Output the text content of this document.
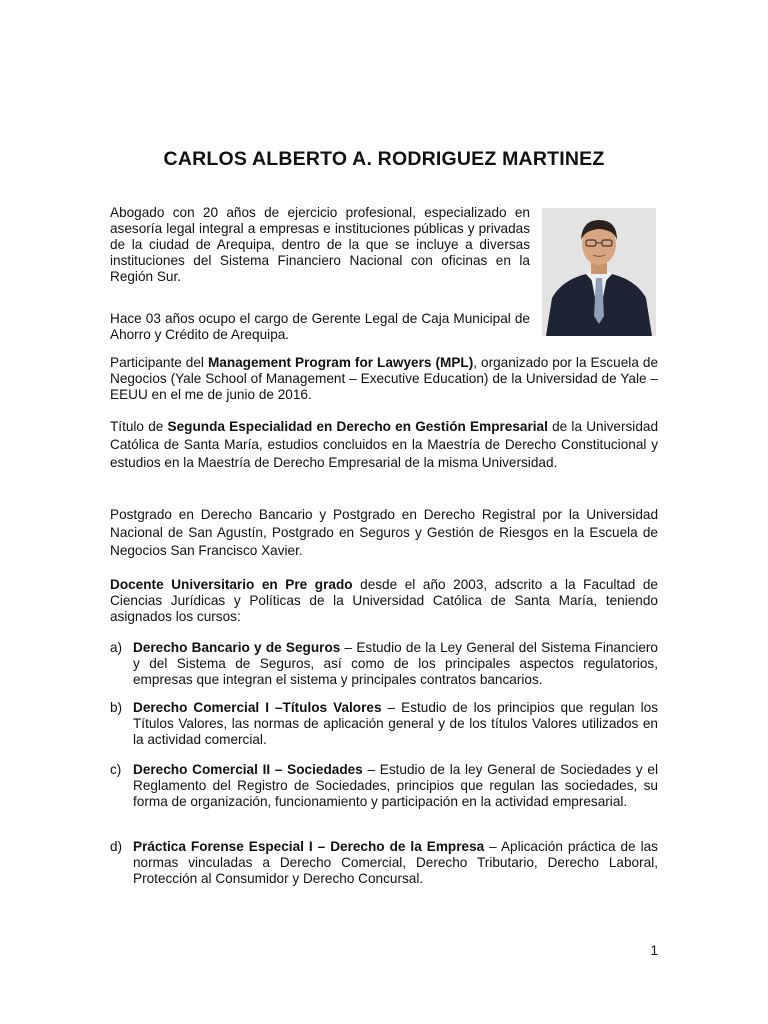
CARLOS ALBERTO A. RODRIGUEZ MARTINEZ

Abogado con 20 años de ejercicio profesional, especializado en asesoría legal integral a empresas e instituciones públicas y privadas de la ciudad de Arequipa, dentro de la que se incluye a diversas instituciones del Sistema Financiero Nacional con oficinas en la Región Sur.

Hace 03 años ocupo el cargo de Gerente Legal de Caja Municipal de Ahorro y Crédito de Arequipa.

Participante del Management Program for Lawyers (MPL), organizado por la Escuela de Negocios (Yale School of Management – Executive Education) de la Universidad de Yale – EEUU en el me de junio de 2016.

Título de Segunda Especialidad en Derecho en Gestión Empresarial de la Universidad Católica de Santa María, estudios concluidos en la Maestría de Derecho Constitucional y estudios en la Maestría de Derecho Empresarial de la misma Universidad.

Postgrado en Derecho Bancario y Postgrado en Derecho Registral por la Universidad Nacional de San Agustín, Postgrado en Seguros y Gestión de Riesgos en la Escuela de Negocios San Francisco Xavier.

Docente Universitario en Pre grado desde el año 2003, adscrito a la Facultad de Ciencias Jurídicas y Políticas de la Universidad Católica de Santa María, teniendo asignados los cursos:

a) Derecho Bancario y de Seguros – Estudio de la Ley General del Sistema Financiero y del Sistema de Seguros, así como de los principales aspectos regulatorios, empresas que integran el sistema y principales contratos bancarios.
b) Derecho Comercial I –Títulos Valores – Estudio de los principios que regulan los Títulos Valores, las normas de aplicación general y de los títulos Valores utilizados en la actividad comercial.
c) Derecho Comercial II – Sociedades – Estudio de la ley General de Sociedades y el Reglamento del Registro de Sociedades, principios que regulan las sociedades, su forma de organización, funcionamiento y participación en la actividad empresarial.
d) Práctica Forense Especial I – Derecho de la Empresa – Aplicación práctica de las normas vinculadas a Derecho Comercial, Derecho Tributario, Derecho Laboral, Protección al Consumidor y Derecho Concursal.
1
